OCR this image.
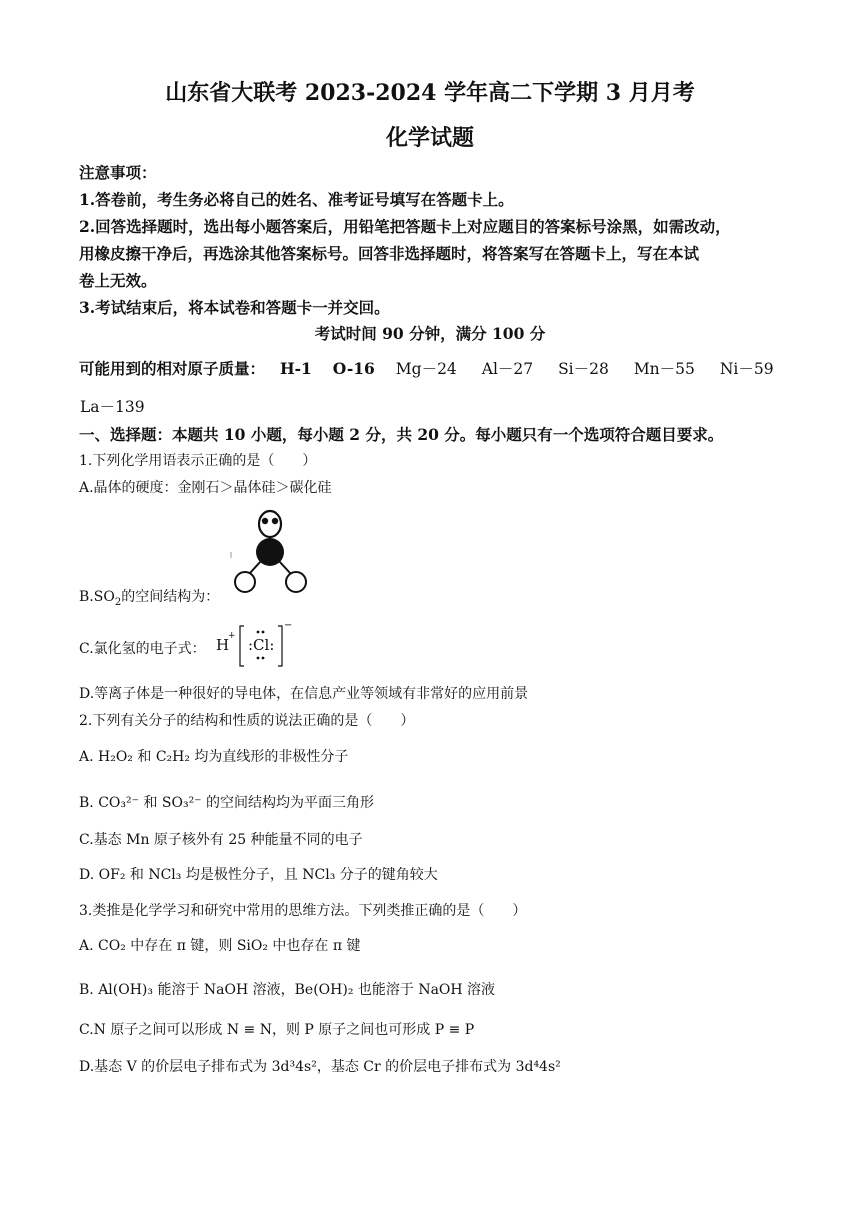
山东省大联考 2023-2024 学年高二下学期 3 月月考
化学试题
注意事项：
1.答卷前，考生务必将自己的姓名、准考证号填写在答题卡上。
2.回答选择题时，选出每小题答案后，用铅笔把答题卡上对应题目的答案标号涂黑，如需改动，
用橡皮擦干净后，再选涂其他答案标号。回答非选择题时，将答案写在答题卡上，写在本试
卷上无效。
3.考试结束后，将本试卷和答题卡一并交回。
考试时间 90 分钟，满分 100 分
可能用到的相对原子质量： H-1 O-16 Mg－24 Al－27 Si－28 Mn－55 Ni－59
La－139
一、选择题：本题共 10 小题，每小题 2 分，共 20 分。每小题只有一个选项符合题目要求。
1.下列化学用语表示正确的是（　　）
A.晶体的硬度：金刚石＞晶体硅＞碳化硅
$B.SO_2$的空间结构为：
C.氯化氢的电子式： H
+ :Cl:
−
D.等离子体是一种很好的导电体，在信息产业等领域有非常好的应用前景
2.下列有关分子的结构和性质的说法正确的是（　　）
A. H₂O₂ 和 C₂H₂ 均为直线形的非极性分子
B. CO₃²⁻ 和 SO₃²⁻ 的空间结构均为平面三角形
C.基态 Mn 原子核外有 25 种能量不同的电子
D. OF₂ 和 NCl₃ 均是极性分子，且 NCl₃ 分子的键角较大
3.类推是化学学习和研究中常用的思维方法。下列类推正确的是（　　）
A. CO₂ 中存在 π 键，则 SiO₂ 中也存在 π 键
B. Al(OH)₃ 能溶于 NaOH 溶液，Be(OH)₂ 也能溶于 NaOH 溶液
C.N 原子之间可以形成 N ≡ N，则 P 原子之间也可形成 P ≡ P
D.基态 V 的价层电子排布式为 3d³4s²，基态 Cr 的价层电子排布式为 3d⁴4s²
